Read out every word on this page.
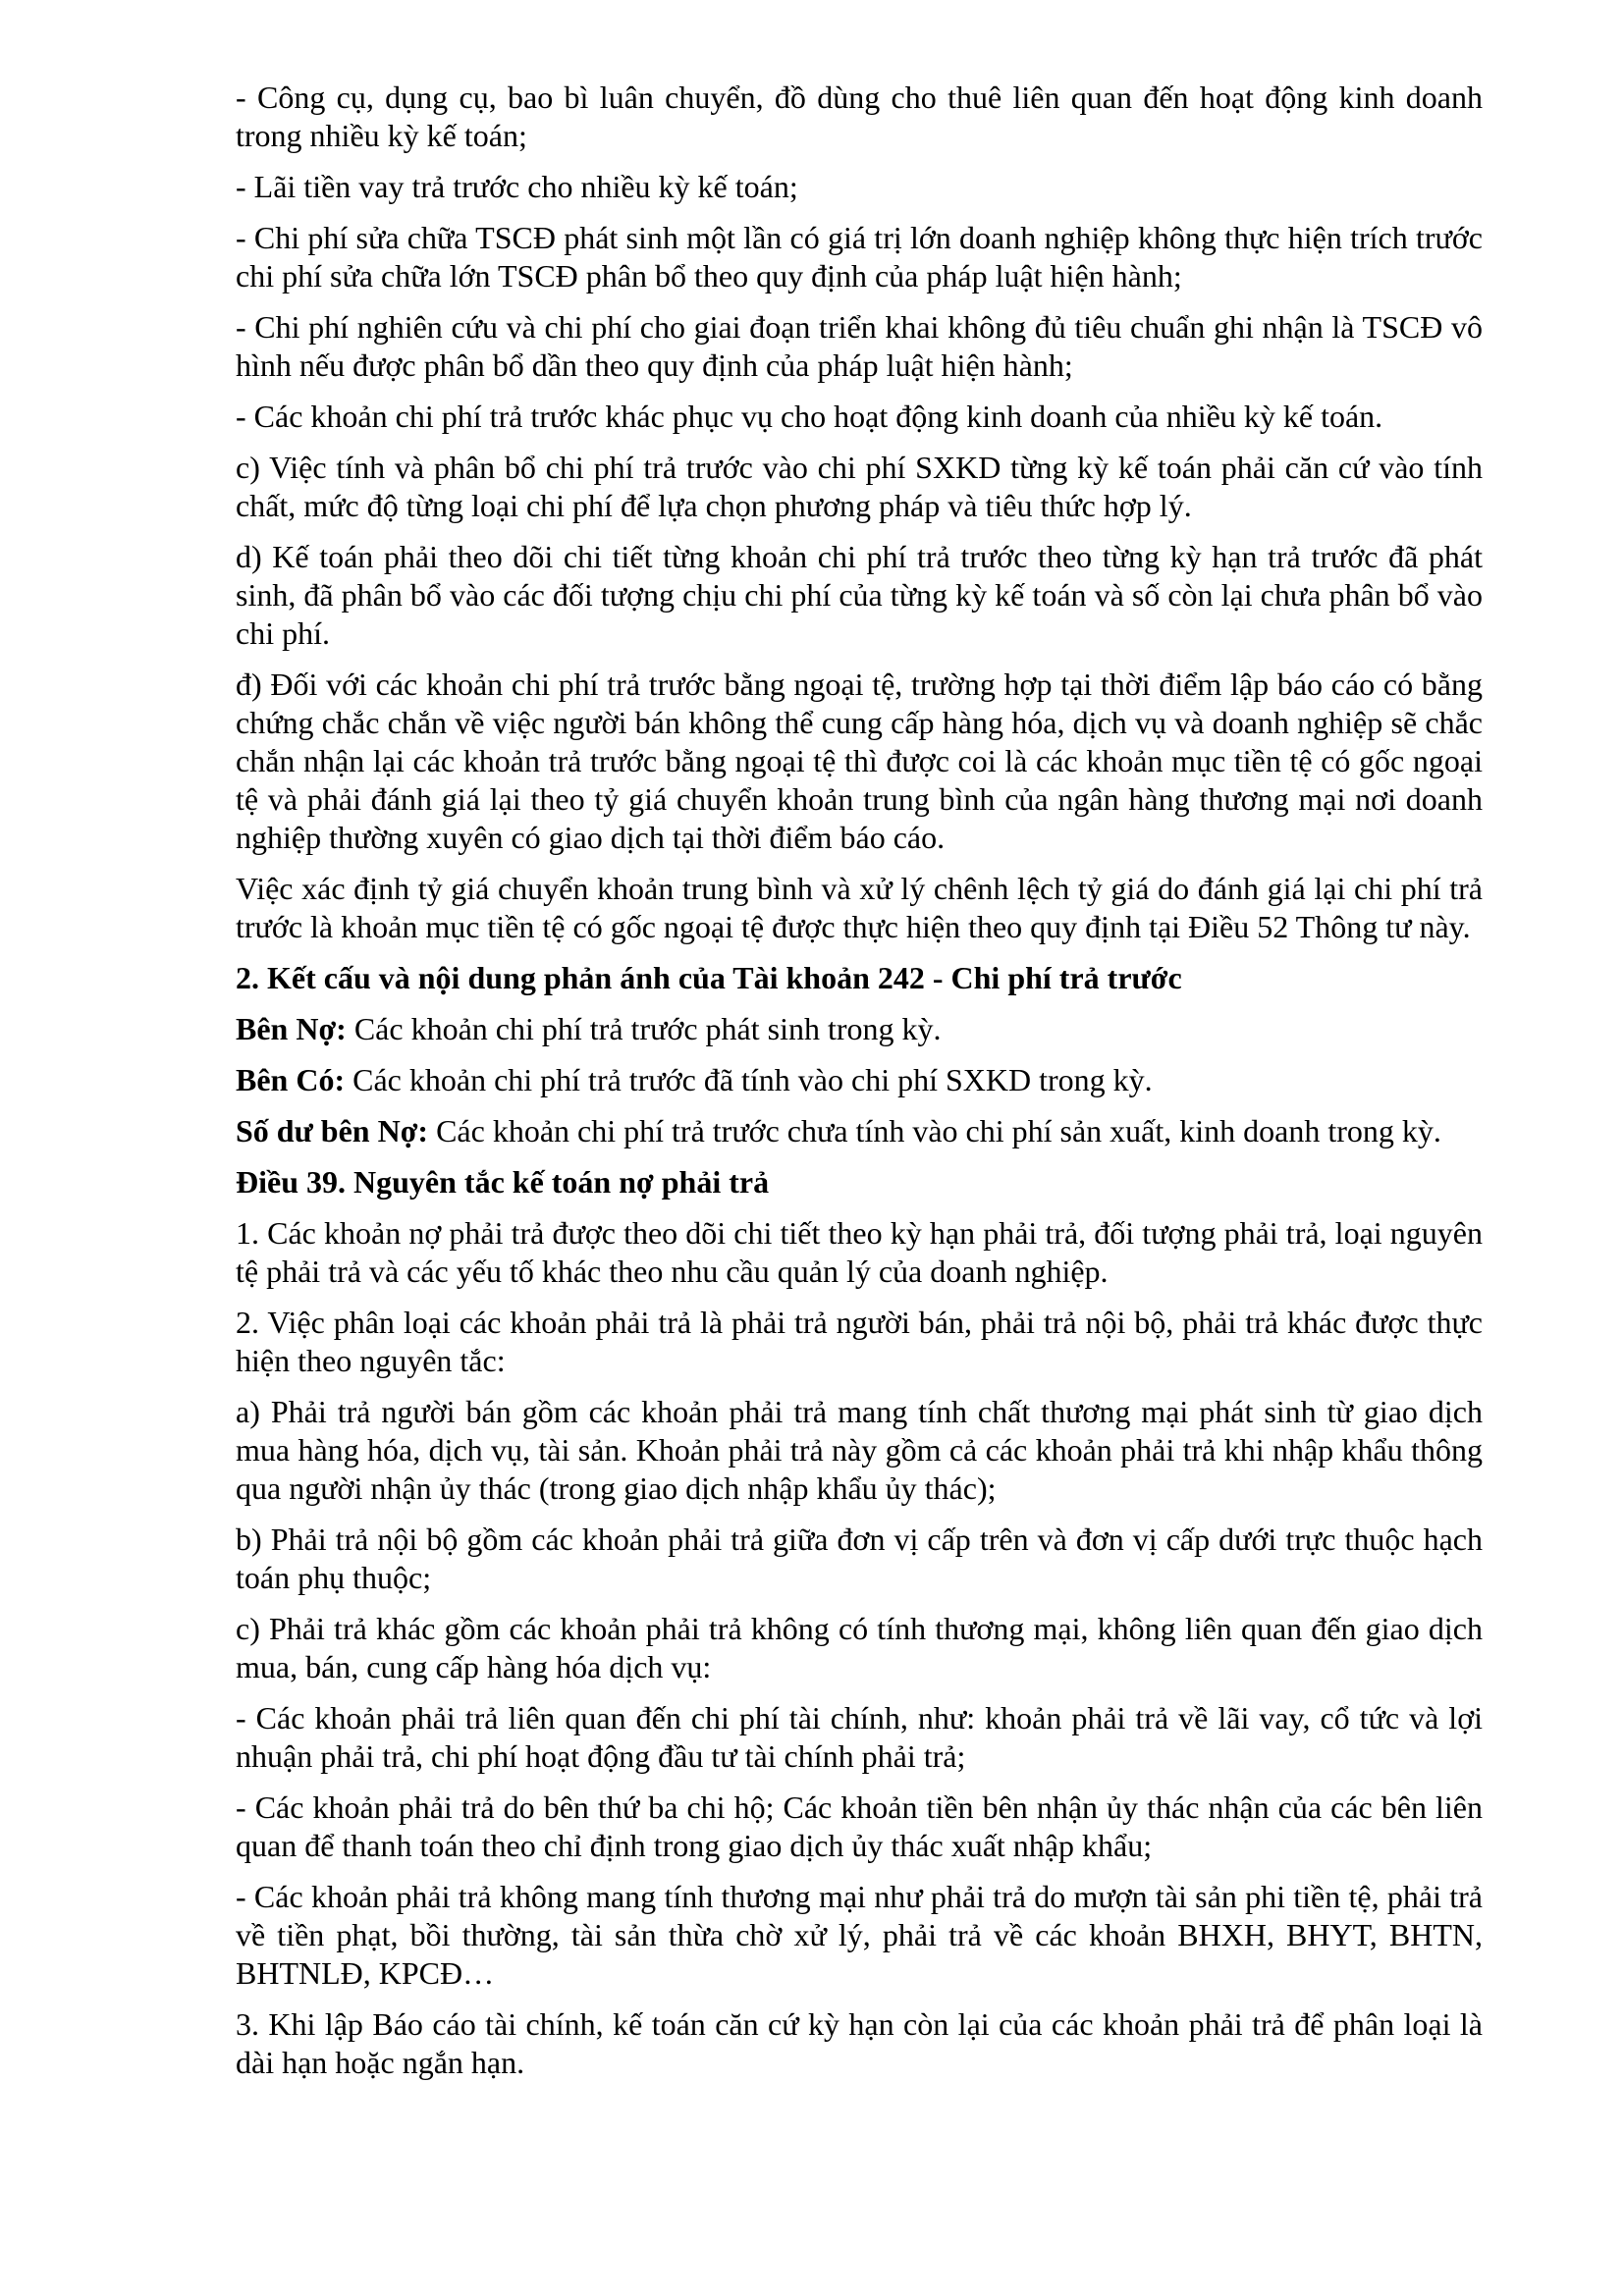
- Công cụ, dụng cụ, bao bì luân chuyển, đồ dùng cho thuê liên quan đến hoạt động kinh doanh trong nhiều kỳ kế toán;

- Lãi tiền vay trả trước cho nhiều kỳ kế toán;

- Chi phí sửa chữa TSCĐ phát sinh một lần có giá trị lớn doanh nghiệp không thực hiện trích trước chi phí sửa chữa lớn TSCĐ phân bổ theo quy định của pháp luật hiện hành;

- Chi phí nghiên cứu và chi phí cho giai đoạn triển khai không đủ tiêu chuẩn ghi nhận là TSCĐ vô hình nếu được phân bổ dần theo quy định của pháp luật hiện hành;

- Các khoản chi phí trả trước khác phục vụ cho hoạt động kinh doanh của nhiều kỳ kế toán.

c) Việc tính và phân bổ chi phí trả trước vào chi phí SXKD từng kỳ kế toán phải căn cứ vào tính chất, mức độ từng loại chi phí để lựa chọn phương pháp và tiêu thức hợp lý.

d) Kế toán phải theo dõi chi tiết từng khoản chi phí trả trước theo từng kỳ hạn trả trước đã phát sinh, đã phân bổ vào các đối tượng chịu chi phí của từng kỳ kế toán và số còn lại chưa phân bổ vào chi phí.

đ) Đối với các khoản chi phí trả trước bằng ngoại tệ, trường hợp tại thời điểm lập báo cáo có bằng chứng chắc chắn về việc người bán không thể cung cấp hàng hóa, dịch vụ và doanh nghiệp sẽ chắc chắn nhận lại các khoản trả trước bằng ngoại tệ thì được coi là các khoản mục tiền tệ có gốc ngoại tệ và phải đánh giá lại theo tỷ giá chuyển khoản trung bình của ngân hàng thương mại nơi doanh nghiệp thường xuyên có giao dịch tại thời điểm báo cáo.

Việc xác định tỷ giá chuyển khoản trung bình và xử lý chênh lệch tỷ giá do đánh giá lại chi phí trả trước là khoản mục tiền tệ có gốc ngoại tệ được thực hiện theo quy định tại Điều 52 Thông tư này.

2. Kết cấu và nội dung phản ánh của Tài khoản 242 - Chi phí trả trước

Bên Nợ: Các khoản chi phí trả trước phát sinh trong kỳ.

Bên Có: Các khoản chi phí trả trước đã tính vào chi phí SXKD trong kỳ.

Số dư bên Nợ: Các khoản chi phí trả trước chưa tính vào chi phí sản xuất, kinh doanh trong kỳ.

Điều 39. Nguyên tắc kế toán nợ phải trả

1. Các khoản nợ phải trả được theo dõi chi tiết theo kỳ hạn phải trả, đối tượng phải trả, loại nguyên tệ phải trả và các yếu tố khác theo nhu cầu quản lý của doanh nghiệp.

2. Việc phân loại các khoản phải trả là phải trả người bán, phải trả nội bộ, phải trả khác được thực hiện theo nguyên tắc:

a) Phải trả người bán gồm các khoản phải trả mang tính chất thương mại phát sinh từ giao dịch mua hàng hóa, dịch vụ, tài sản. Khoản phải trả này gồm cả các khoản phải trả khi nhập khẩu thông qua người nhận ủy thác (trong giao dịch nhập khẩu ủy thác);

b) Phải trả nội bộ gồm các khoản phải trả giữa đơn vị cấp trên và đơn vị cấp dưới trực thuộc hạch toán phụ thuộc;

c) Phải trả khác gồm các khoản phải trả không có tính thương mại, không liên quan đến giao dịch mua, bán, cung cấp hàng hóa dịch vụ:

- Các khoản phải trả liên quan đến chi phí tài chính, như: khoản phải trả về lãi vay, cổ tức và lợi nhuận phải trả, chi phí hoạt động đầu tư tài chính phải trả;

- Các khoản phải trả do bên thứ ba chi hộ; Các khoản tiền bên nhận ủy thác nhận của các bên liên quan để thanh toán theo chỉ định trong giao dịch ủy thác xuất nhập khẩu;

- Các khoản phải trả không mang tính thương mại như phải trả do mượn tài sản phi tiền tệ, phải trả về tiền phạt, bồi thường, tài sản thừa chờ xử lý, phải trả về các khoản BHXH, BHYT, BHTN, BHTNLĐ, KPCĐ…

3. Khi lập Báo cáo tài chính, kế toán căn cứ kỳ hạn còn lại của các khoản phải trả để phân loại là dài hạn hoặc ngắn hạn.
